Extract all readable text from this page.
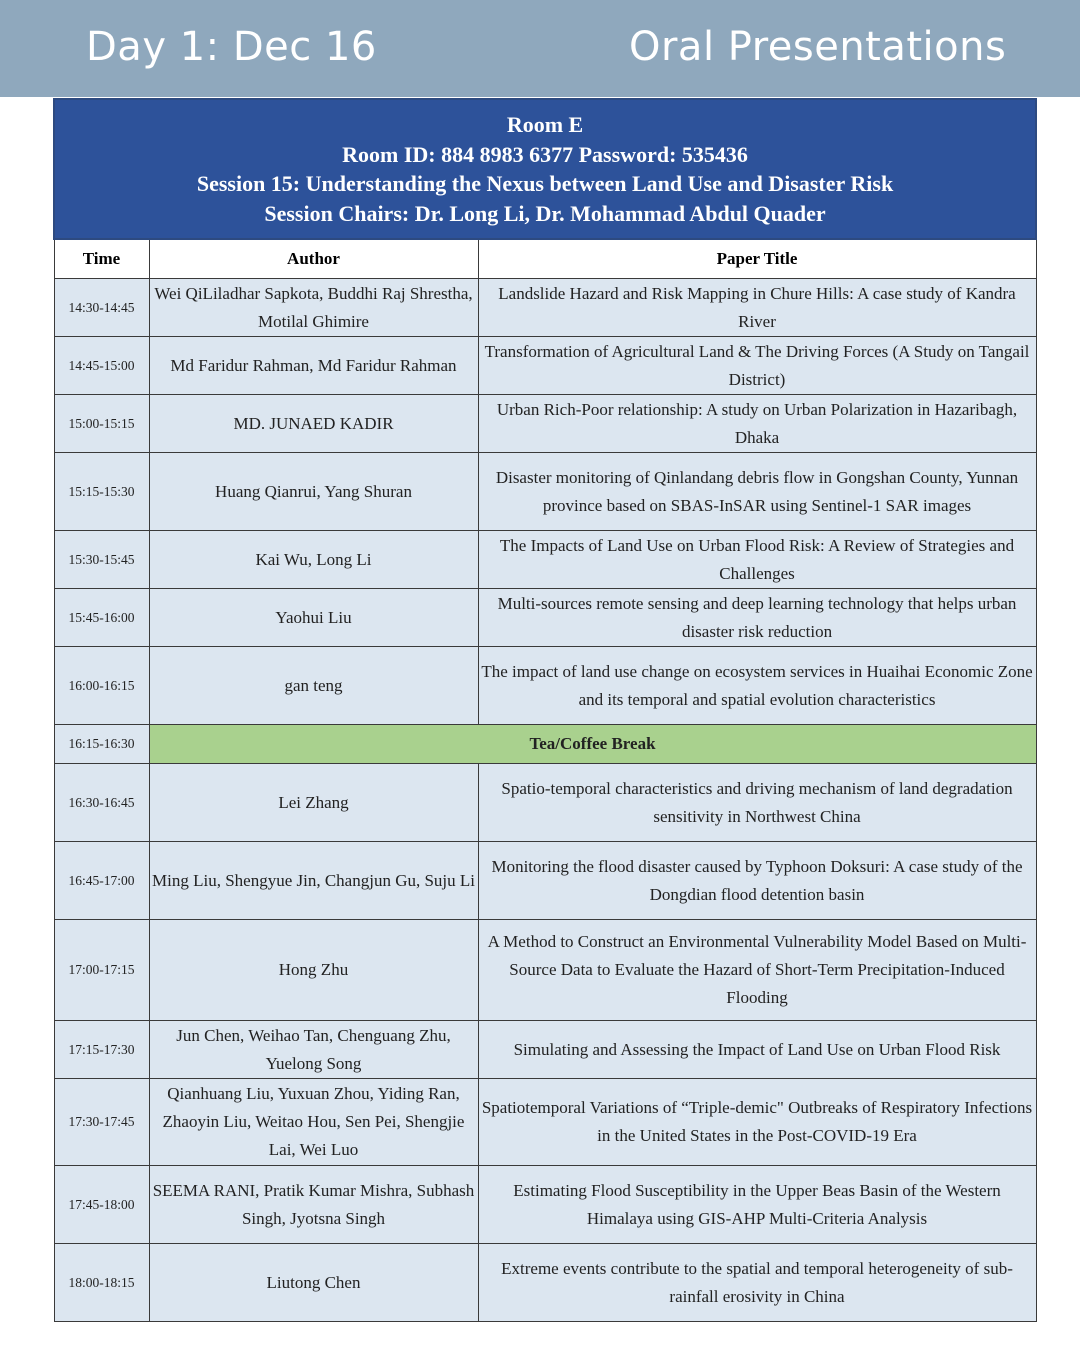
Day 1: Dec 16	Oral Presentations
Room E
Room ID: 884 8983 6377 Password: 535436
Session 15: Understanding the Nexus between Land Use and Disaster Risk
Session Chairs: Dr. Long Li, Dr. Mohammad Abdul Quader		

Time	Author	Paper Title
14:30-14:45	Wei QiLiladhar Sapkota, Buddhi Raj Shrestha, Motilal Ghimire	Landslide Hazard and Risk Mapping in Chure Hills: A case study of Kandra River
14:45-15:00	Md Faridur Rahman, Md Faridur Rahman	Transformation of Agricultural Land & The Driving Forces (A Study on Tangail District)
15:00-15:15	MD. JUNAED KADIR	Urban Rich-Poor relationship: A study on Urban Polarization in Hazaribagh, Dhaka
15:15-15:30	Huang Qianrui, Yang Shuran	Disaster monitoring of Qinlandang debris flow in Gongshan County, Yunnan province based on SBAS-InSAR using Sentinel-1 SAR images
15:30-15:45	Kai Wu, Long Li	The Impacts of Land Use on Urban Flood Risk: A Review of Strategies and Challenges
15:45-16:00	Yaohui Liu	Multi-sources remote sensing and deep learning technology that helps urban disaster risk reduction
16:00-16:15	gan teng	The impact of land use change on ecosystem services in Huaihai Economic Zone and its temporal and spatial evolution characteristics
16:15-16:30	Tea/Coffee Break	
16:30-16:45	Lei Zhang	Spatio-temporal characteristics and driving mechanism of land degradation sensitivity in Northwest China
16:45-17:00	Ming Liu, Shengyue Jin, Changjun Gu, Suju Li	Monitoring the flood disaster caused by Typhoon Doksuri: A case study of the Dongdian flood detention basin
17:00-17:15	Hong Zhu	A Method to Construct an Environmental Vulnerability Model Based on Multi-Source Data to Evaluate the Hazard of Short-Term Precipitation-Induced Flooding
17:15-17:30	Jun Chen, Weihao Tan, Chenguang Zhu, Yuelong Song	Simulating and Assessing the Impact of Land Use on Urban Flood Risk
17:30-17:45	Qianhuang Liu, Yuxuan Zhou, Yiding Ran, Zhaoyin Liu, Weitao Hou, Sen Pei, Shengjie Lai, Wei Luo	Spatiotemporal Variations of “Triple-demic" Outbreaks of Respiratory Infections in the United States in the Post-COVID-19 Era
17:45-18:00	SEEMA RANI, Pratik Kumar Mishra, Subhash Singh, Jyotsna Singh	Estimating Flood Susceptibility in the Upper Beas Basin of the Western Himalaya using GIS-AHP Multi-Criteria Analysis
18:00-18:15	Liutong Chen	Extreme events contribute to the spatial and temporal heterogeneity of sub-rainfall erosivity in China
